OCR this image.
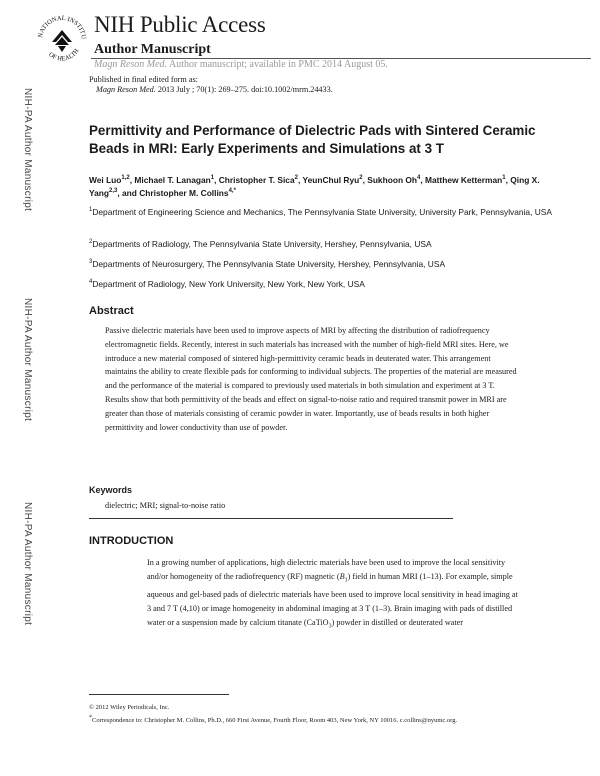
NATIONAL INSTITU
OF HEALTH
NIH Public Access
Author Manuscript
Magn Reson Med. Author manuscript; available in PMC 2014 August 05.
Published in final edited form as:
Magn Reson Med. 2013 July ; 70(1): 269–275. doi:10.1002/mrm.24433.
NIH-PA Author Manuscript
NIH-PA Author Manuscript
NIH-PA Author Manuscript
Permittivity and Performance of Dielectric Pads with Sintered Ceramic Beads in MRI: Early Experiments and Simulations at 3 T
Wei Luo$^{1,2}$, Michael T. Lanagan$^1$, Christopher T. Sica$^2$, YeunChul Ryu$^2$, Sukhoon Oh$^4$, Matthew Ketterman$^1$, Qing X. Yang$^{2,3}$, and Christopher M. Collins$^{4,*}$
$^1$Department of Engineering Science and Mechanics, The Pennsylvania State University, University Park, Pennsylvania, USA
$^2$Departments of Radiology, The Pennsylvania State University, Hershey, Pennsylvania, USA
$^3$Departments of Neurosurgery, The Pennsylvania State University, Hershey, Pennsylvania, USA
$^4$Department of Radiology, New York University, New York, New York, USA
Abstract
Passive dielectric materials have been used to improve aspects of MRI by affecting the distribution of radiofrequency electromagnetic fields. Recently, interest in such materials has increased with the number of high-field MRI sites. Here, we introduce a new material composed of sintered high-permittivity ceramic beads in deuterated water. This arrangement maintains the ability to create flexible pads for conforming to individual subjects. The properties of the material are measured and the performance of the material is compared to previously used materials in both simulation and experiment at 3 T. Results show that both permittivity of the beads and effect on signal-to-noise ratio and required transmit power in MRI are greater than those of materials consisting of ceramic powder in water. Importantly, use of beads results in both higher permittivity and lower conductivity than use of powder.
Keywords
dielectric; MRI; signal-to-noise ratio
INTRODUCTION
In a growing number of applications, high dielectric materials have been used to improve the local sensitivity and/or homogeneity of the radiofrequency (RF) magnetic $(B_1)$ field in human MRI (1–13). For example, simple aqueous and gel-based pads of dielectric materials have been used to improve local sensitivity in head imaging at 3 and 7 T (4,10) or image homogeneity in abdominal imaging at 3 T (1–3). Brain imaging with pads of distilled water or a suspension made by calcium titanate (CaTiO$_3$) powder in distilled or deuterated water
© 2012 Wiley Periodicals, Inc.
*Correspondence to: Christopher M. Collins, Ph.D., 660 First Avenue, Fourth Floor, Room 403, New York, NY 10016. c.collins@nyumc.org.
